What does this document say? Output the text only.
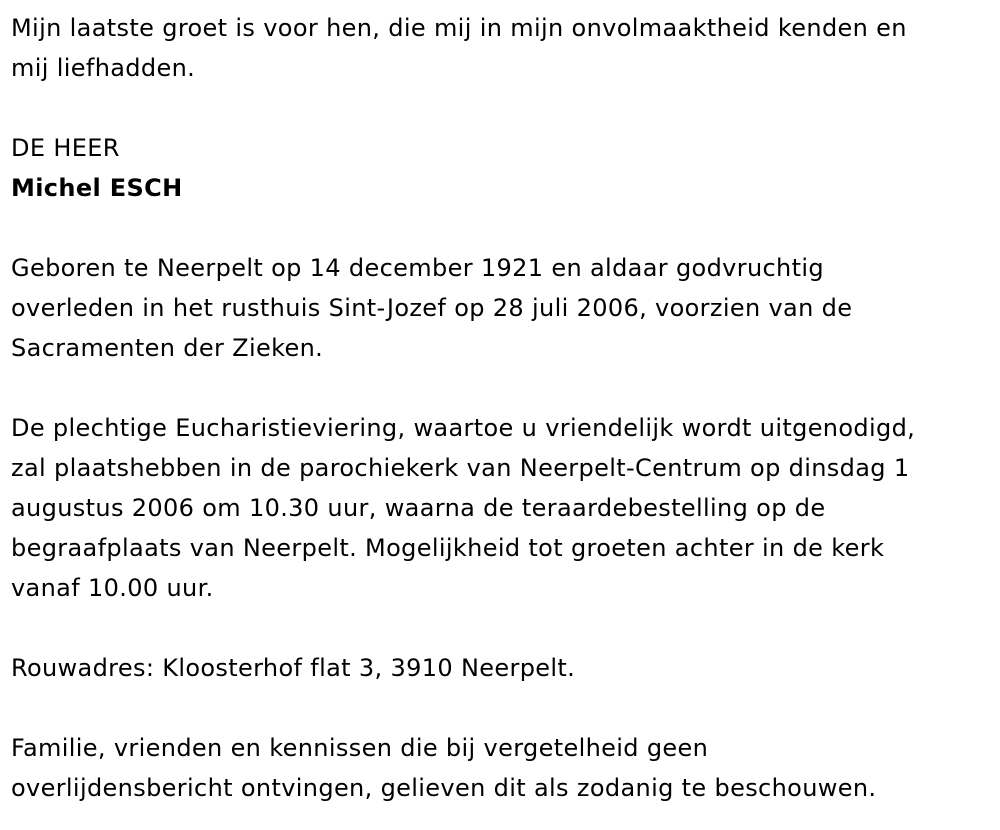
Mijn laatste groet is voor hen, die mij in mijn onvolmaaktheid kenden en

mij liefhadden.

DE HEER

Michel ESCH

Geboren te Neerpelt op 14 december 1921 en aldaar godvruchtig

overleden in het rusthuis Sint-Jozef op 28 juli 2006, voorzien van de

Sacramenten der Zieken.

De plechtige Eucharistieviering, waartoe u vriendelijk wordt uitgenodigd,

zal plaatshebben in de parochiekerk van Neerpelt-Centrum op dinsdag 1

augustus 2006 om 10.30 uur, waarna de teraardebestelling op de

begraafplaats van Neerpelt. Mogelijkheid tot groeten achter in de kerk

vanaf 10.00 uur.

Rouwadres: Kloosterhof flat 3, 3910 Neerpelt.

Familie, vrienden en kennissen die bij vergetelheid geen

overlijdensbericht ontvingen, gelieven dit als zodanig te beschouwen.
